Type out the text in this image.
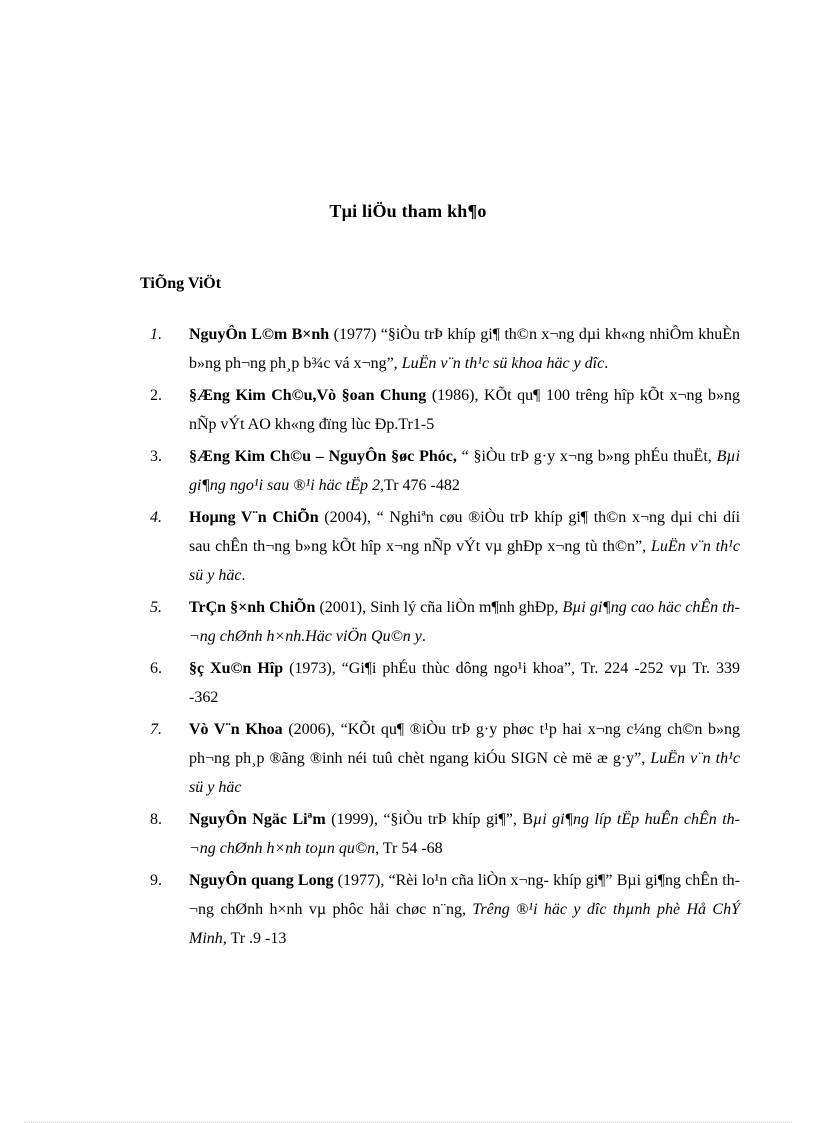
Tµi liÖu tham kh¶o
TiÕng ViÖt
1.	NguyÔn L©m B×nh (1977) “§iÒu trÞ khíp gi¶ th©n x¬ng dµi kh«ng nhiÔm khuÈn b»ng ph¬ng ph¸p b¾c vá x¬ng”, LuËn v¨n th¹c sü khoa häc y dîc.
2.	§Æng Kim Ch©u,Vò §oan Chung (1986), KÕt qu¶ 100 trêng hîp kÕt x¬ng b»ng nÑp vÝt AO kh«ng đïng lùc Ðp.Tr1-5
3.	§Æng Kim Ch©u – NguyÔn §øc Phóc, “ §iÒu trÞ g·y x¬ng b»ng phÉu thuËt, Bµi gi¶ng ngo¹i sau ®¹i häc tËp 2,Tr 476 -482
4.	Hoµng V¨n ChiÕn (2004), “ Nghiªn cøu ®iÒu trÞ khíp gi¶ th©n x¬ng dµi chi díi sau chÊn th¬ng b»ng kÕt hîp x¬ng nÑp vÝt vµ ghÐp x¬ng tù th©n”, LuËn v¨n th¹c sü y häc.
5.	TrÇn §×nh ChiÕn (2001), Sinh lý cña liÒn m¶nh ghÐp, Bµi gi¶ng cao häc chÊn th¬ng chØnh h×nh.Häc viÖn Qu©n y.
6.	§ç Xu©n Hîp (1973), “Gi¶i phÉu thùc dông ngo¹i khoa”, Tr. 224 -252 vµ Tr. 339 -362
7.	Vò V¨n Khoa (2006), “KÕt qu¶ ®iÒu trÞ g·y phøc t¹p hai x¬ng c¼ng ch©n b»ng ph¬ng ph¸p ®ãng ®inh néi tuû chèt ngang kiÓu SIGN cè më æ g·y”, LuËn v¨n th¹c sü y häc
8.	NguyÔn Ngäc Liªm (1999), “§iÒu trÞ khíp gi¶”, Bµi gi¶ng líp tËp huÊn chÊn th¬ng chØnh h×nh toµn qu©n, Tr 54 -68
9.	NguyÔn quang Long (1977), “Rèi lo¹n cña liÒn x¬ng- khíp gi¶” Bµi gi¶ng chÊn th¬ng chØnh h×nh vµ phôc håi chøc n¨ng, Trêng ®¹i häc y dîc thµnh phè Hå ChÝ Minh, Tr .9 -13
